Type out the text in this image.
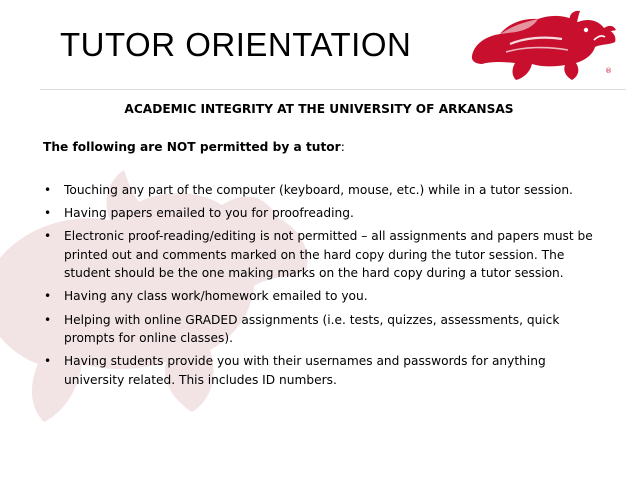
TUTOR ORIENTATION
®
ACADEMIC INTEGRITY AT THE UNIVERSITY OF ARKANSAS
The following are NOT permitted by a tutor:
• Touching any part of the computer (keyboard, mouse, etc.) while in a tutor session.
• Having papers emailed to you for proofreading.
• Electronic proof-reading/editing is not permitted – all assignments and papers must be printed out and comments marked on the hard copy during the tutor session. The student should be the one making marks on the hard copy during a tutor session.
• Having any class work/homework emailed to you.
• Helping with online GRADED assignments (i.e. tests, quizzes, assessments, quick prompts for online classes).
• Having students provide you with their usernames and passwords for anything university related. This includes ID numbers.
